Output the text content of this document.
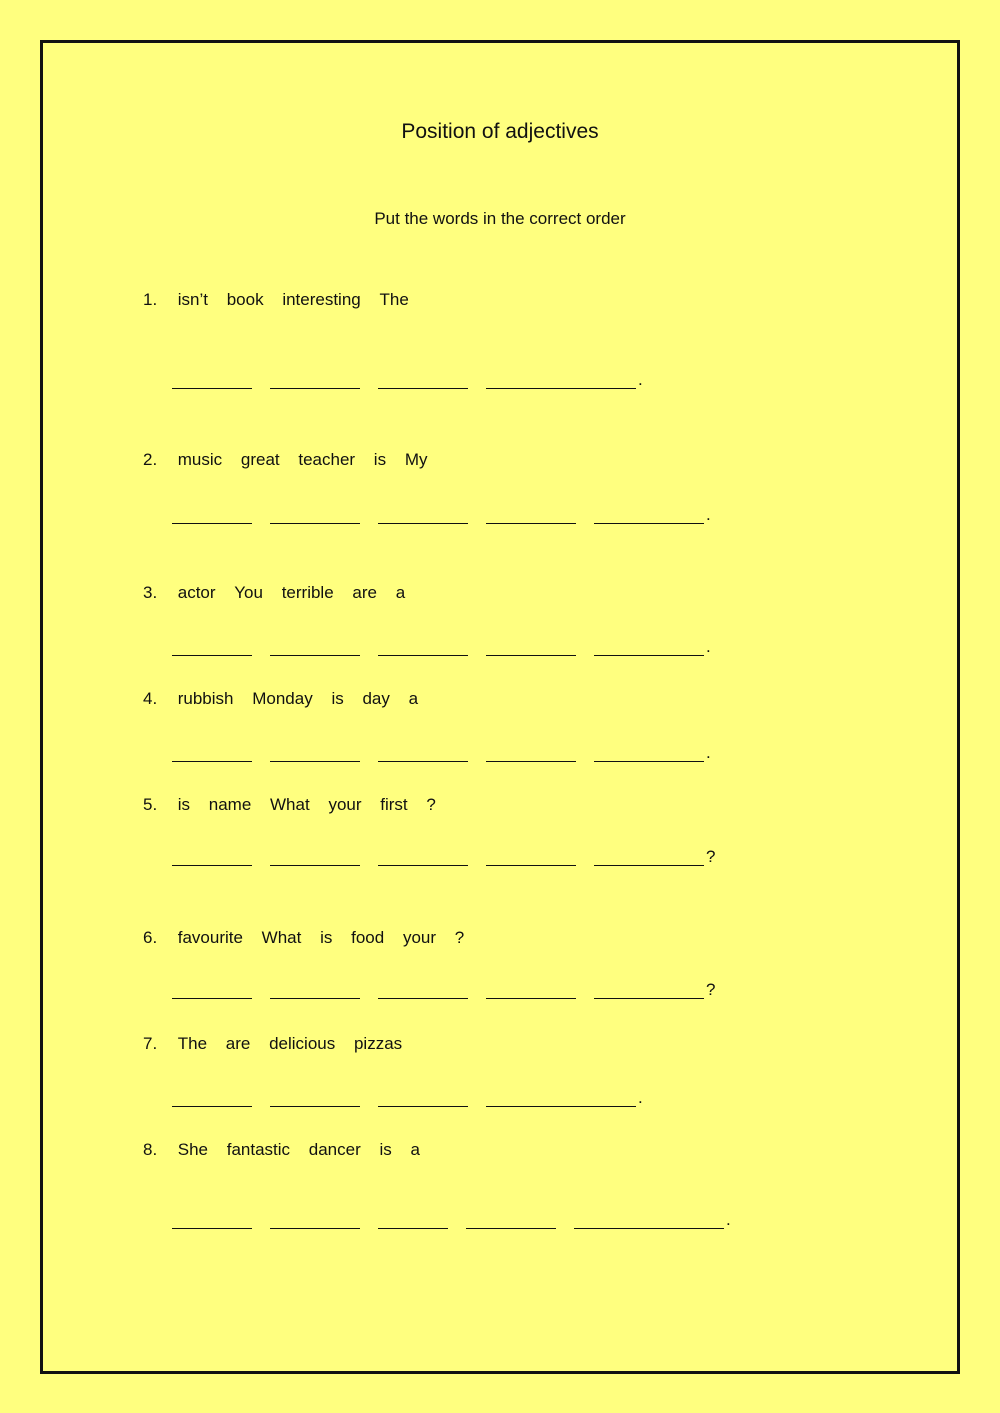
Position of adjectives
Put the words in the correct order
1. isn’t book interesting The
.
2. music great teacher is My
.
3. actor You terrible are a
.
4. rubbish Monday is day a
.
5. is name What your first ?
?
6. favourite What is food your ?
?
7. The are delicious pizzas
.
8. She fantastic dancer is a
.
